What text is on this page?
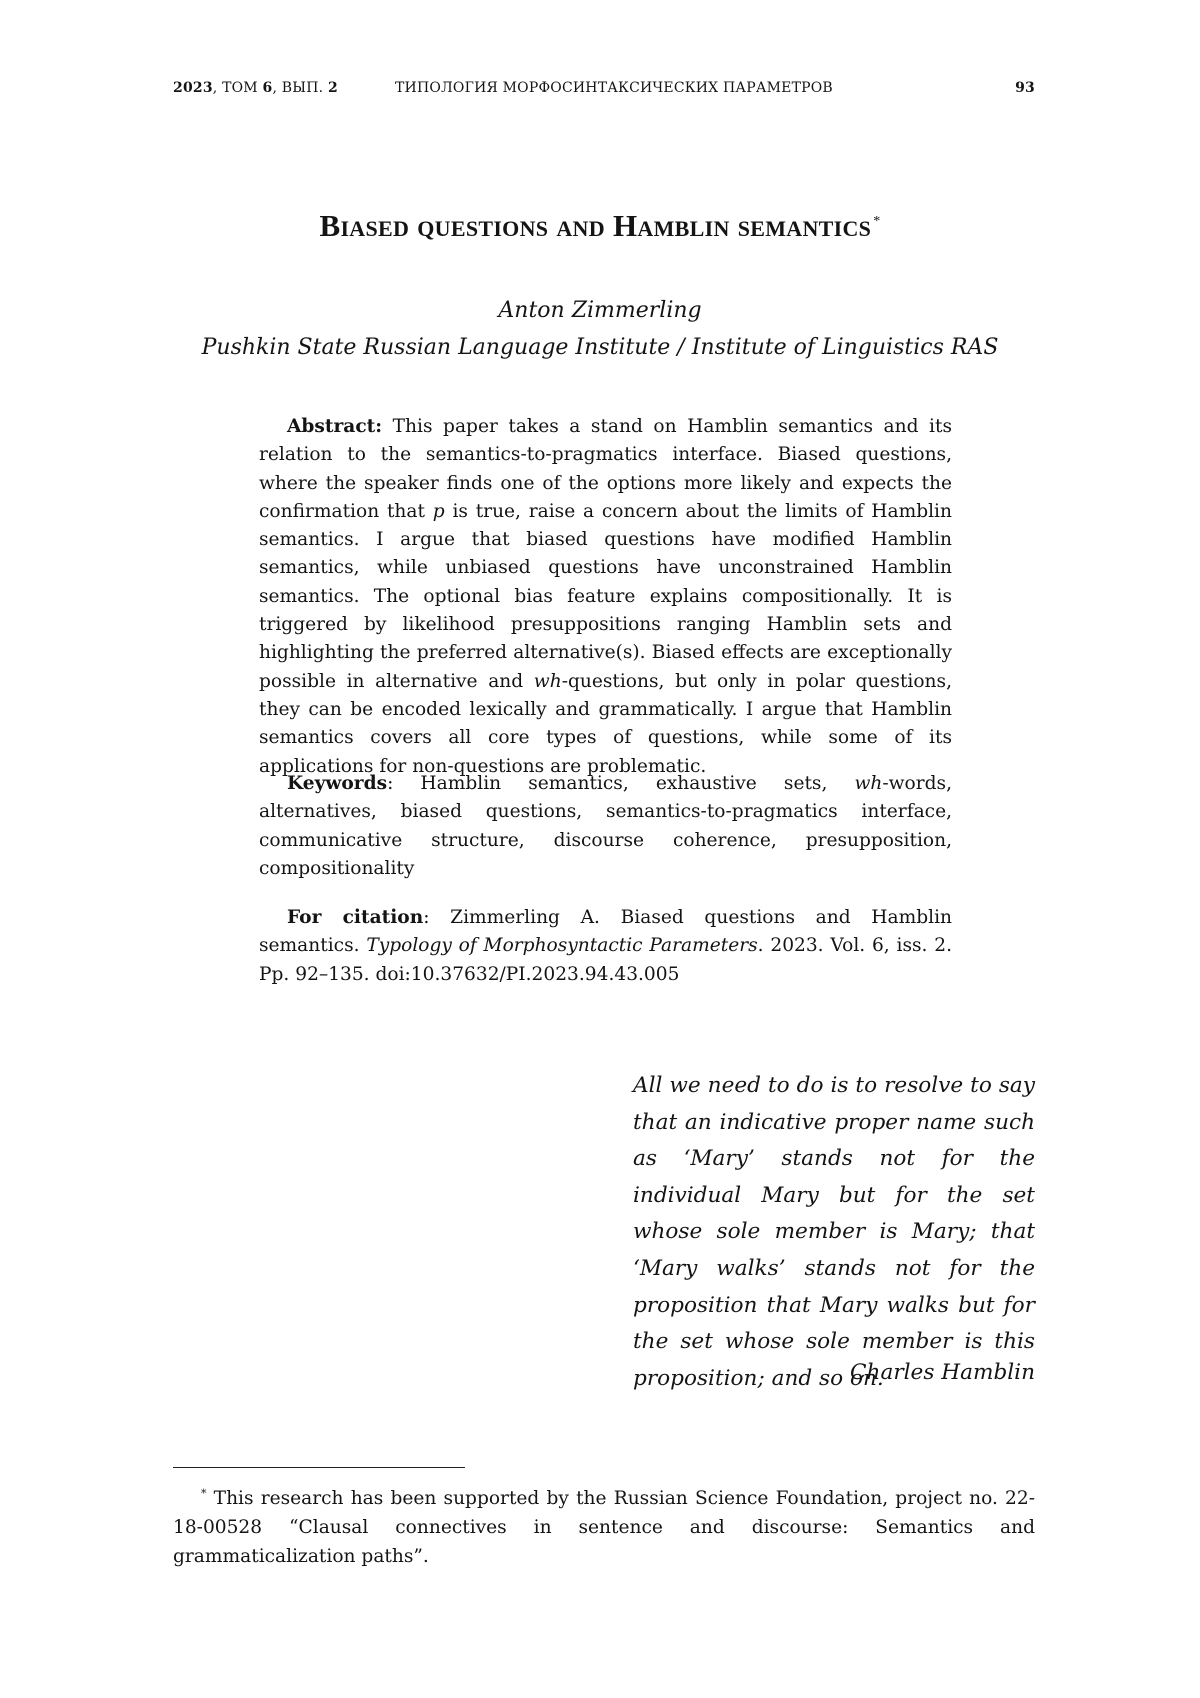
2023, ТОМ 6, ВЫП. 2	ТИПОЛОГИЯ МОРФОСИНТАКСИЧЕСКИХ ПАРАМЕТРОВ	93
Biased questions and Hamblin semantics *
Anton Zimmerling
Pushkin State Russian Language Institute / Institute of Linguistics RAS

Abstract: This paper takes a stand on Hamblin semantics and its relation to the semantics-to-pragmatics interface. Biased questions, where the speaker finds one of the options more likely and expects the confirmation that p is true, raise a concern about the limits of Hamblin semantics. I argue that biased questions have modified Hamblin semantics, while unbiased questions have unconstrained Hamblin semantics. The optional bias feature explains compositionally. It is triggered by likelihood presuppositions ranging Hamblin sets and highlighting the preferred alternative(s). Biased effects are exceptionally possible in alternative and wh-questions, but only in polar questions, they can be encoded lexically and grammatically. I argue that Hamblin semantics covers all core types of questions, while some of its applications for non-questions are problematic.

Keywords: Hamblin semantics, exhaustive sets, wh-words, alternatives, biased questions, semantics-to-pragmatics interface, communicative structure, discourse coherence, presupposition, compositionality

For citation: Zimmerling A. Biased questions and Hamblin semantics. Typology of Morphosyntactic Parameters. 2023. Vol. 6, iss. 2. Pp. 92–135. doi:10.37632/PI.2023.94.43.005

All we need to do is to resolve to say that an indicative proper name such as ‘Mary’ stands not for the individual Mary but for the set whose sole member is Mary; that ‘Mary walks’ stands not for the proposition that Mary walks but for the set whose sole member is this proposition; and so on.

Charles Hamblin

* This research has been supported by the Russian Science Foundation, project no. 22-18-00528 “Clausal connectives in sentence and discourse: Semantics and grammaticalization paths”.
